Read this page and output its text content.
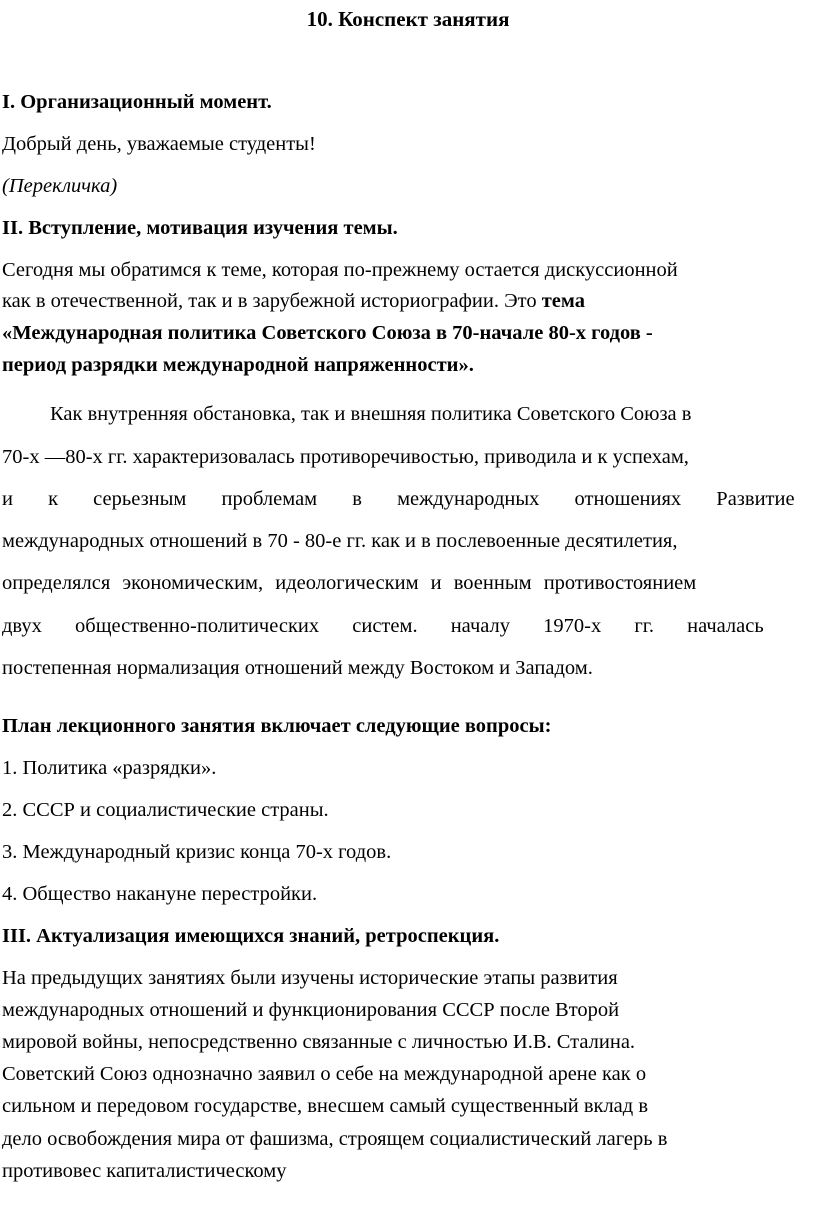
10. Конспект занятия

I. Организационный момент.

Добрый день, уважаемые студенты!

(Перекличка)

II. Вступление, мотивация изучения темы.

Сегодня мы обратимся к теме, которая по-прежнему остается дискуссионной

как в отечественной, так и в зарубежной историографии. Это тема

«Международная политика Советского Союза в 70-начале 80-х годов -

период разрядки международной напряженности».

Как внутренняя обстановка, так и внешняя политика Советского Союза в

70-х —80-х гг. характеризовалась противоречивостью, приводила и к успехам,

и к серьезным проблемам в международных отношениях Развитие

международных отношений в 70 - 80-е гг. как и в послевоенные десятилетия,

определялся экономическим, идеологическим и военным противостоянием

двух общественно-политических систем. началу 1970-х гг. началась

постепенная нормализация отношений между Востоком и Западом.

План лекционного занятия включает следующие вопросы:

1. Политика «разрядки».

2. СССР и социалистические страны.

3. Международный кризис конца 70-х годов.

4. Общество накануне перестройки.

III. Актуализация имеющихся знаний, ретроспекция.

На предыдущих занятиях были изучены исторические этапы развития

международных отношений и функционирования СССР после Второй

мировой войны, непосредственно связанные с личностью И.В. Сталина.

Советский Союз однозначно заявил о себе на международной арене как о

сильном и передовом государстве, внесшем самый существенный вклад в

дело освобождения мира от фашизма, строящем социалистический лагерь в

противовес капиталистическому
